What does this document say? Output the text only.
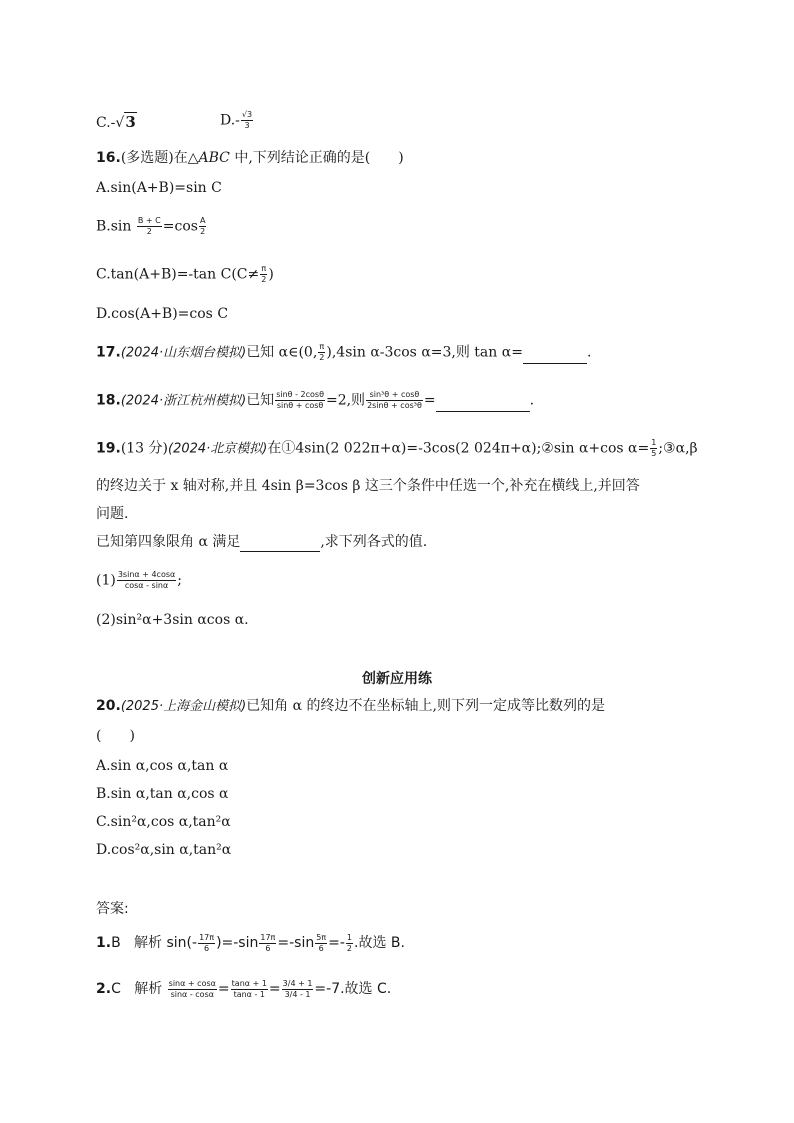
C.-√3	$D.- \frac{√3}{3}$
16.(多选题)在△ABC 中,下列结论正确的是(　　)
A.sin(A+B)=sin C
$B.\sin \frac{B + C}{2} =\cos \frac{A}{2}$
C.tan(A+B)=-tan $C(C\ne \frac{\pi}{2}$ )
D.cos(A+B)=cos C
17.(2024·山东烟台模拟)已知 α∈(0, $\frac{\pi}{2} ),4\sin$ α-3cos α=3,则 tan α=	.
18.(2024·浙江杭州模拟)已知 $\frac{\sin\theta - 2\cos\theta}{\sin\theta + \cos\theta} =2$,则 $\frac{\text{sin³θ + cosθ}}{\text{2sinθ + cos³θ}}$ =	.
19.(13 分)(2024·北京模拟)在①4sin(2 022π+α)=-3cos(2 024π+α);②sin α+cos $\alpha= \frac{1}{5}$ ;③α,β
的终边关于 x 轴对称,并且 4sin β=3cos β 这三个条件中任选一个,补充在横线上,并回答
问题.
已知第四象限角 α 满足	,求下列各式的值.
$(1) \frac{3\sin\alpha + 4\cos\alpha}{\cos\alpha - \sin\alpha}$ ;
(2)sin²α+3sin αcos α.
创新应用练
20.(2025·上海金山模拟)已知角 α 的终边不在坐标轴上,则下列一定成等比数列的是
(　　)
A.sin α,cos α,tan α
B.sin α,tan α,cos α
C.sin²α,cos α,tan²α
D.cos²α,sin α,tan²α
答案:
1.B 解析 $\sin(- \frac{17\pi}{6} )=-\sin \frac{17\pi}{6} =-\sin \frac{5\pi}{6} =- \frac{1}{2}$ .故选 B.
2.C 解析 $\frac{\sin\alpha + \cos\alpha}{\sin\alpha - \cos\alpha} = \frac{\tan\alpha + 1}{\tan\alpha - 1} = \frac{3/4 + 1}{3/4 - 1} =-7$.故选 C.
